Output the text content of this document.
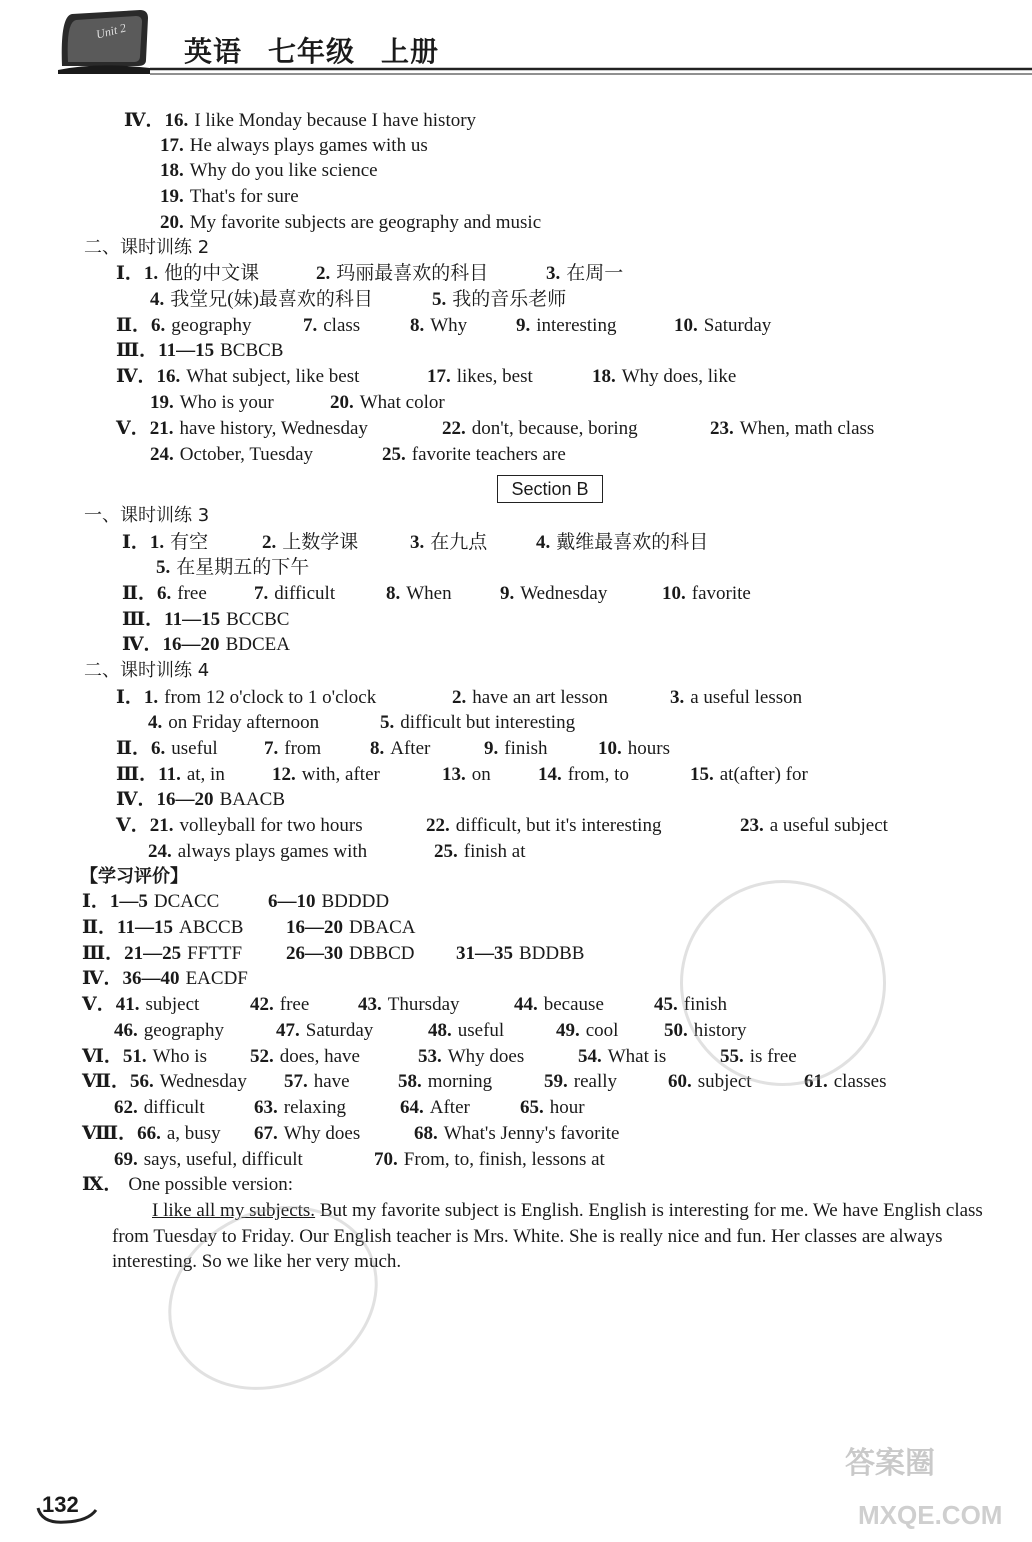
Unit 2
英语 七年级 上册
Ⅳ．16. I like Monday because I have history
17. He always plays games with us
18. Why do you like science
19. That's for sure
20. My favorite subjects are geography and music
二、课时训练 2
Ⅰ．1. 他的中文课	2. 玛丽最喜欢的科目	3. 在周一
4. 我堂兄(妹)最喜欢的科目	5. 我的音乐老师
Ⅱ．6. geography	7. class	8. Why	9. interesting	10. Saturday
Ⅲ．11—15 BCBCB
Ⅳ．16. What subject, like best	17. likes, best	18. Why does, like
19. Who is your	20. What color
Ⅴ．21. have history, Wednesday	22. don't, because, boring	23. When, math class
24. October, Tuesday	25. favorite teachers are
一、课时训练 3
Ⅰ．1. 有空	2. 上数学课	3. 在九点	4. 戴维最喜欢的科目
5. 在星期五的下午
Ⅱ．6. free 7. difficult	8. When	9. Wednesday	10. favorite
Ⅲ．11—15 BCCBC
Ⅳ．16—20 BDCEA
二、课时训练 4
Ⅰ．1. from 12 o'clock to 1 o'clock	2. have an art lesson	3. a useful lesson
4. on Friday afternoon	5. difficult but interesting
Ⅱ．6. useful 7. from	8. After	9. finish	10. hours
Ⅲ．11. at, in 12. with, after	13. on 14. from, to	15. at(after) for
Ⅳ．16—20 BAACB
Ⅴ．21. volleyball for two hours	22. difficult, but it's interesting	23. a useful subject
24. always plays games with	25. finish at
【学习评价】
Ⅰ．1—5 DCACC	6—10 BDDDD
Ⅱ．11—15 ABCCB 16—20 DBACA
Ⅲ．21—25 FFTTF 26—30 DBBCD 31—35 BDDBB
Ⅳ．36—40 EACDF
Ⅴ．41. subject	42. free	43. Thursday	44. because	45. finish
46. geography	47. Saturday	48. useful	49. cool 50. history
Ⅵ．51. Who is 52. does, have	53. Why does	54. What is	55. is free
Ⅶ．56. Wednesday 57. have	58. morning	59. really	60. subject	61. classes
62. difficult	63. relaxing	64. After	65. hour
Ⅷ．66. a, busy 67. Why does	68. What's Jenny's favorite
69. says, useful, difficult	70. From, to, finish, lessons at
Ⅸ． One possible version:
Section B
I like all my subjects. But my favorite subject is English. English is interesting for me. We have English class from Tuesday to Friday. Our English teacher is Mrs. White. She is really nice and fun. Her classes are always interesting. So we like her very much.
132
答案圈
MXQE.COM
